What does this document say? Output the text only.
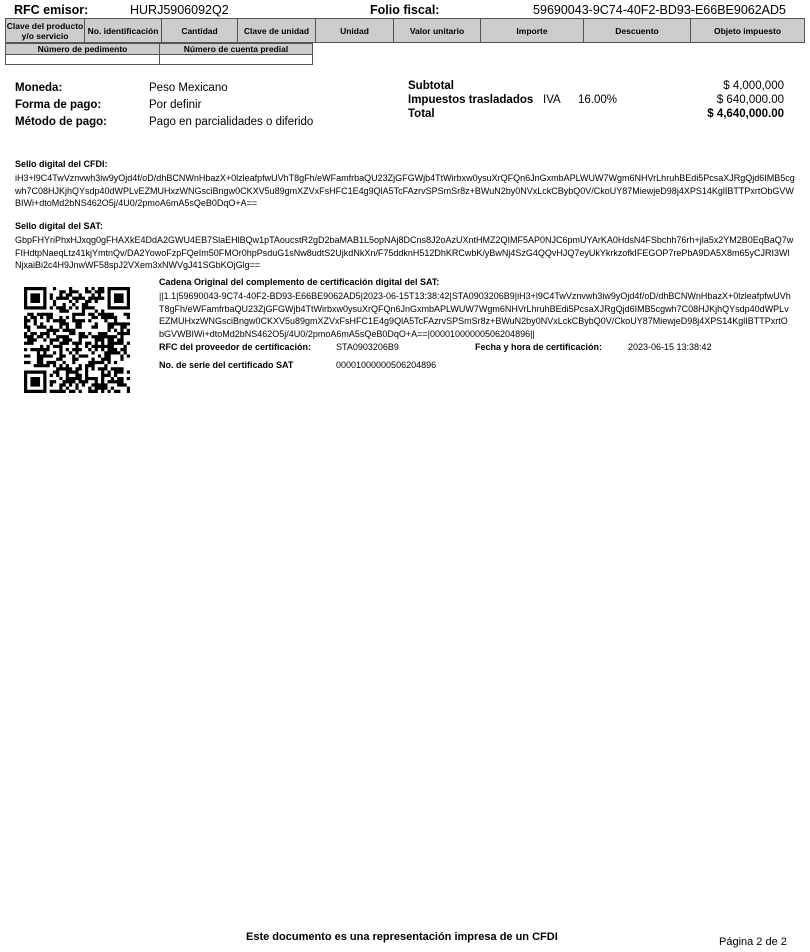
RFC emisor:	HURJ5906092Q2	Folio fiscal:	59690043-9C74-40F2-BD93-E66BE9062AD5
Clave del producto y/o servicio	No. identificación	Cantidad	Clave de unidad	Unidad	Valor unitario	Importe	Descuento	Objeto impuesto
Número de pedimento	Número de cuenta predial

Moneda:	Peso Mexicano
Forma de pago:	Por definir
Método de pago:	Pago en parcialidades o diferido
Subtotal	$ 4,000,000
Impuestos trasladados IVA 16.00%	$ 640,000.00
Total	$ 4,640,000.00
Sello digital del CFDI:
iH3+l9C4TwVznvwh3iw9yOjd4f/oD/dhBCNWnHbazX+0lzleafpfwUVhT8gFh/eWFamfrbaQU23ZjGFGWjb4TtWirbxw0ysuXrQFQn6JnGxmbAPLWUW7Wgm6NHVrLhruhBEdi5PcsaXJRgQjd6IMB5cgwh7C08HJKjhQYsdp40dWPLvEZMUHxzWNGsciBngw0CKXV5u89gmXZVxFsHFC1E4g9QlA5TcFAzrvSPSmSr8z+BWuN2by0NVxLckCBybQ0V/CkoUY87MiewjeD98j4XPS14KglIBTTPxrtObGVWBIWi+dtoMd2bNS462O5j/4U0/2pmoA6mA5sQeB0DqO+A==
Sello digital del SAT:
GbpFHYriPhxHJxqg0gFHAXkE4DdA2GWU4EB7SlaEHlBQw1pTAoucstR2gD2baMAB1L5opNAj8DCns8J2oAzUXntHMZ2QIMF5AP0NJC6pmUYArKA0HdsN4FSbchh76rh+jla5x2YM2B0EqBaQ7wFIHdtpNaeqLtz41kjYmtnQv/DA2YowoFzpFQeIm50FMOr0hpPsduG1sNw8udtS2UjkdNkXn/F75ddknH512DhKRCwbK/yBwNj4SzG4QQvHJQ7eyUkYkrkzofkIFEGOP7rePbA9DA5X8m65yCJRI3WlNjxaiBi2c4H9JnwWF58spJ2VXem3xNWVgJ41SGbKOjGlg==
Cadena Original del complemento de certificación digital del SAT:
||1.1|59690043-9C74-40F2-BD93-E66BE9062AD5|2023-06-15T13:38:42|STA0903206B9|iH3+l9C4TwVznvwh3iw9yOjd4f/oD/dhBCNWnHbazX+0lzleafpfwUVhT8gFh/eWFamfrbaQU23ZjGFGWjb4TtWirbxw0ysuXrQFQn6JnGxmbAPLWUW7Wgm6NHVrLhruhBEdi5PcsaXJRgQjd6IMB5cgwh7C08HJKjhQYsdp40dWPLvEZMUHxzWNGsciBngw0CKXV5u89gmXZVxFsHFC1E4g9QlA5TcFAzrvSPSmSr8z+BWuN2by0NVxLckCBybQ0V/CkoUY87MiewjeD98j4XPS14KglIBTTPxrtObGVWBIWi+dtoMd2bNS462O5j/4U0/2pmoA6mA5sQeB0DqO+A==|00001000000506204896||
RFC del proveedor de certificación:	STA0903206B9	Fecha y hora de certificación:	2023-06-15 13:38:42
No. de serie del certificado SAT	00001000000506204896
Este documento es una representación impresa de un CFDI	Página 2 de 2
